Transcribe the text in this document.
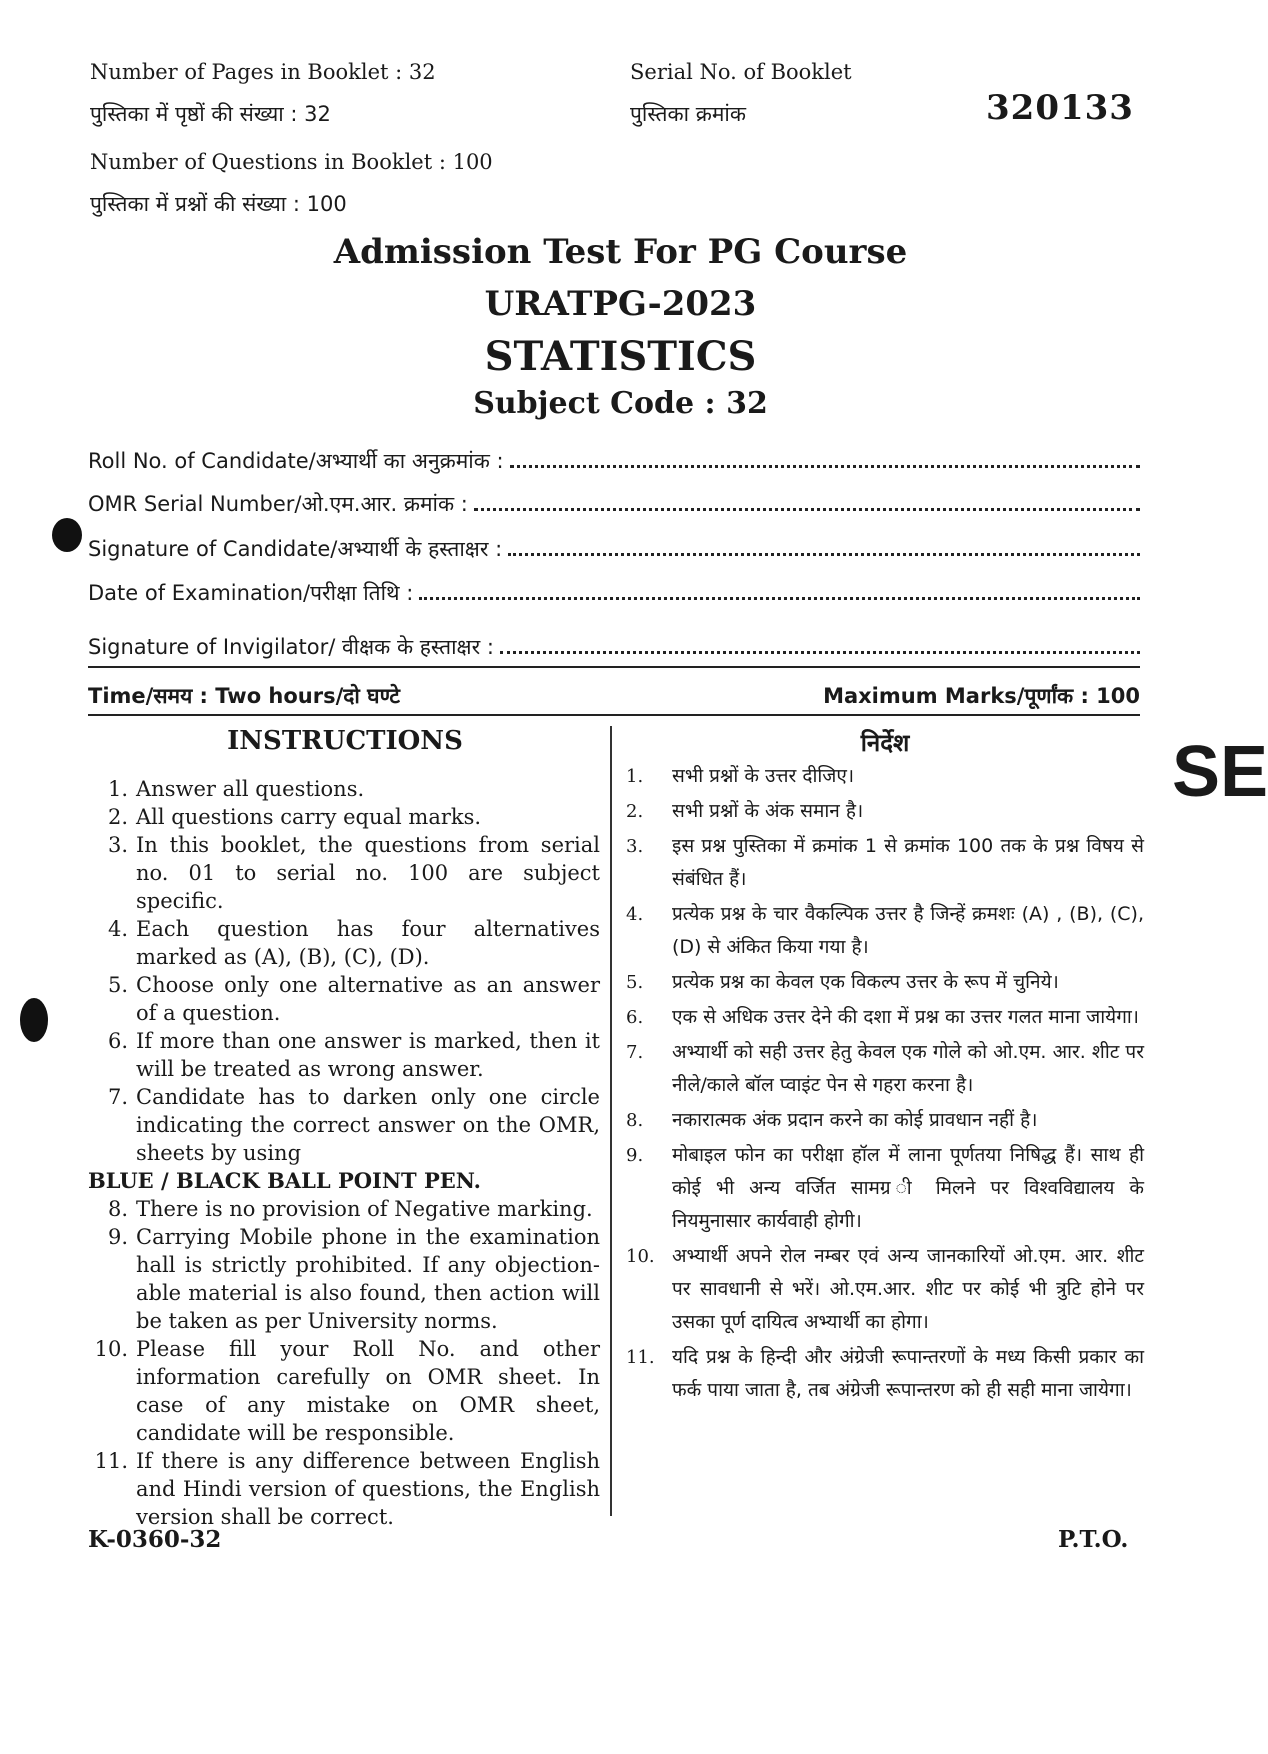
Number of Pages in Booklet : 32
पुस्तिका में पृष्ठों की संख्या : 32
Number of Questions in Booklet : 100
पुस्तिका में प्रश्नों की संख्या : 100
Serial No. of Booklet
पुस्तिका क्रमांक	320133
Admission Test For PG Course
URATPG-2023
STATISTICS
Subject Code : 32
Roll No. of Candidate/अभ्यार्थी का अनुक्रमांक :
OMR Serial Number/ओ.एम.आर. क्रमांक :
Signature of Candidate/अभ्यार्थी के हस्ताक्षर :
Date of Examination/परीक्षा तिथि :
Signature of Invigilator/ वीक्षक के हस्ताक्षर :
Time/समय : Two hours/दो घण्टे	Maximum Marks/पूर्णांक : 100
INSTRUCTIONS
1. Answer all questions.
2. All questions carry equal marks.
3. In this booklet, the questions from serial no. 01 to serial no. 100 are subject specific.
4. Each question has four alternatives marked as (A), (B), (C), (D).
5. Choose only one alternative as an answer of a question.
6. If more than one answer is marked, then it will be treated as wrong answer.
7. Candidate has to darken only one circle indicating the correct answer on the OMR, sheets by using
BLUE / BLACK BALL POINT PEN.
8. There is no provision of Negative marking.
9. Carrying Mobile phone in the examination hall is strictly prohibited. If any objection-able material is also found, then action will be taken as per University norms.
10. Please fill your Roll No. and other information carefully on OMR sheet. In case of any mistake on OMR sheet, candidate will be responsible.
11. If there is any difference between English and Hindi version of questions, the English version shall be correct.
निर्देश
1.	सभी प्रश्नों के उत्तर दीजिए।
2.	सभी प्रश्नों के अंक समान है।
3.	इस प्रश्न पुस्तिका में क्रमांक 1 से क्रमांक 100 तक के प्रश्न विषय से संबंधित हैं।
4.	प्रत्येक प्रश्न के चार वैकल्पिक उत्तर है जिन्हें क्रमशः (A) , (B), (C), (D) से अंकित किया गया है।
5.	प्रत्येक प्रश्न का केवल एक विकल्प उत्तर के रूप में चुनिये।
6.	एक से अधिक उत्तर देने की दशा में प्रश्न का उत्तर गलत माना जायेगा।
7.	अभ्यार्थी को सही उत्तर हेतु केवल एक गोले को ओ.एम. आर. शीट पर नीले/काले बॉल प्वाइंट पेन से गहरा करना है।
8.	नकारात्मक अंक प्रदान करने का कोई प्रावधान नहीं है।
9.	मोबाइल फोन का परीक्षा हॉल में लाना पूर्णतया निषिद्ध हैं। साथ ही कोई भी अन्य वर्जित सामग्र ी मिलने पर विश्वविद्यालय के नियमुनासार कार्यवाही होगी।
10. अभ्यार्थी अपने रोल नम्बर एवं अन्य जानकारियों ओ.एम. आर. शीट पर सावधानी से भरें। ओ.एम.आर. शीट पर कोई भी त्रुटि होने पर उसका पूर्ण दायित्व अभ्यार्थी का होगा।
11. यदि प्रश्न के हिन्दी और अंग्रेजी रूपान्तरणों के मध्य किसी प्रकार का फर्क पाया जाता है, तब अंग्रेजी रूपान्तरण को ही सही माना जायेगा।
SE
K-0360-32	P.T.O.
